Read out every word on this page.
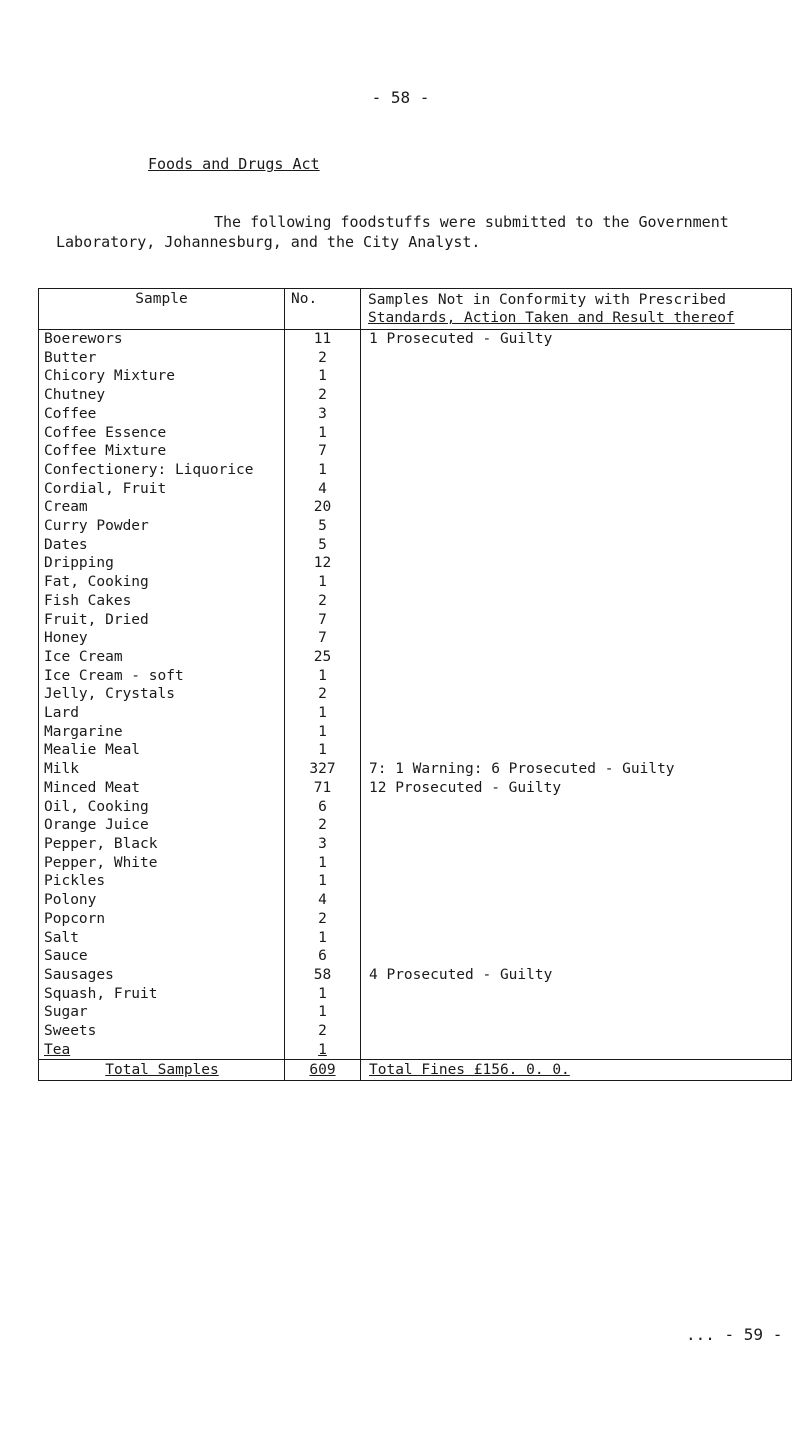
- 58 -
Foods and Drugs Act
The following foodstuffs were submitted to the Government
Laboratory, Johannesburg, and the City Analyst.
Sample	No.	Samples Not in Conformity with Prescribed
Standards, Action Taken and Result thereof
Boerewors	11	1 Prosecuted - Guilty
Butter	2	
Chicory Mixture	1	
Chutney	2	
Coffee	3	
Coffee Essence	1	
Coffee Mixture	7	
Confectionery: Liquorice	1	
Cordial, Fruit	4	
Cream	20	
Curry Powder	5	
Dates	5	
Dripping	12	
Fat, Cooking	1	
Fish Cakes	2	
Fruit, Dried	7	
Honey	7	
Ice Cream	25	
Ice Cream - soft	1	
Jelly, Crystals	2	
Lard	1	
Margarine	1	
Mealie Meal	1	
Milk	327	7: 1 Warning: 6 Prosecuted - Guilty
Minced Meat	71	12 Prosecuted - Guilty
Oil, Cooking	6	
Orange Juice	2	
Pepper, Black	3	
Pepper, White	1	
Pickles	1	
Polony	4	
Popcorn	2	
Salt	1	
Sauce	6	
Sausages	58	4 Prosecuted - Guilty
Squash, Fruit	1	
Sugar	1	
Sweets	2	
Tea	1	
Total Samples	609	Total Fines £156. 0. 0.
... - 59 -
